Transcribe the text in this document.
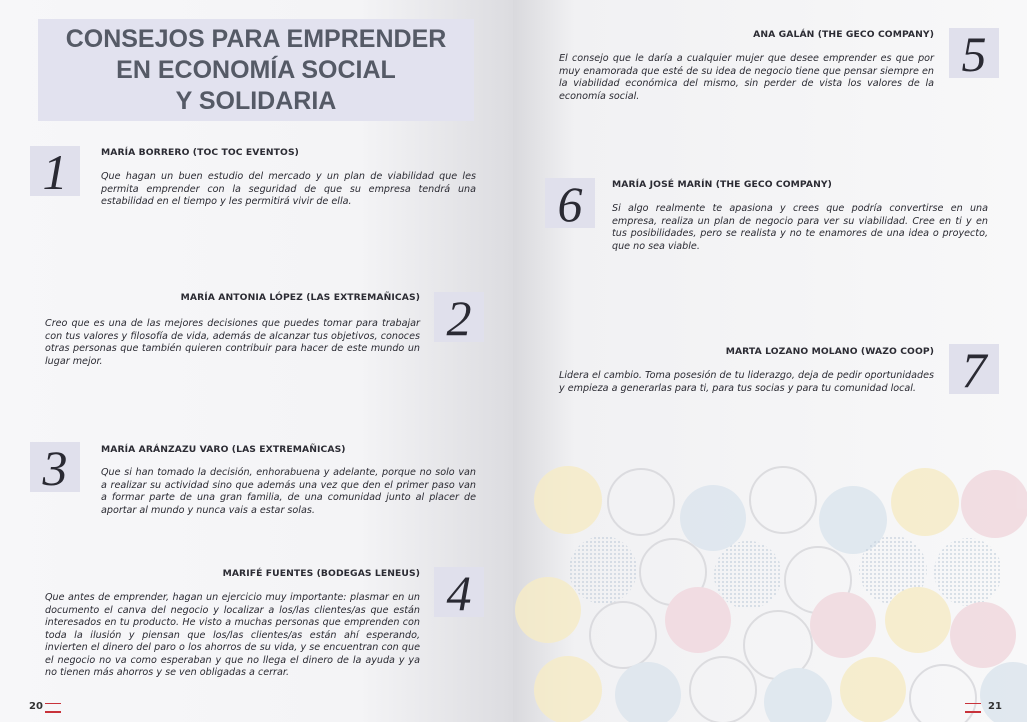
CONSEJOS PARA EMPRENDER
EN ECONOMÍA SOCIAL
Y SOLIDARIA
1	MARÍA BORRERO (TOC TOC EVENTOS)
Que hagan un buen estudio del mercado y un plan de viabilidad que les permita emprender con la seguridad de que su empresa tendrá una estabilidad en el tiempo y les permitirá vivir de ella.
MARÍA ANTONIA LÓPEZ (LAS EXTREMAÑICAS)
Creo que es una de las mejores decisiones que puedes tomar para trabajar con tus valores y filosofía de vida, además de alcanzar tus objetivos, conoces otras personas que también quieren contribuir para hacer de este mundo un lugar mejor.
2
3	MARÍA ARÁNZAZU VARO (LAS EXTREMAÑICAS)
Que si han tomado la decisión, enhorabuena y adelante, porque no solo van a realizar su actividad sino que además una vez que den el primer paso van a formar parte de una gran familia, de una comunidad junto al placer de aportar al mundo y nunca vais a estar solas.
MARIFÉ FUENTES (BODEGAS LENEUS)
Que antes de emprender, hagan un ejercicio muy importante: plasmar en un documento el canva del negocio y localizar a los/las clientes/as que están interesados en tu producto. He visto a muchas personas que emprenden con toda la ilusión y piensan que los/las clientes/as están ahí esperando, invierten el dinero del paro o los ahorros de su vida, y se encuentran con que el negocio no va como esperaban y que no llega el dinero de la ayuda y ya no tienen más ahorros y se ven obligadas a cerrar.
4
20
ANA GALÁN (THE GECO COMPANY)
El consejo que le daría a cualquier mujer que desee emprender es que por muy enamorada que esté de su idea de negocio tiene que pensar siempre en la viabilidad económica del mismo, sin perder de vista los valores de la economía social.
5
6	MARÍA JOSÉ MARÍN (THE GECO COMPANY)
Si algo realmente te apasiona y crees que podría convertirse en una empresa, realiza un plan de negocio para ver su viabilidad. Cree en ti y en tus posibilidades, pero se realista y no te enamores de una idea o proyecto, que no sea viable.
MARTA LOZANO MOLANO (WAZO COOP)
Lidera el cambio. Toma posesión de tu liderazgo, deja de pedir oportunidades y empieza a generarlas para ti, para tus socias y para tu comunidad local. 7
21
